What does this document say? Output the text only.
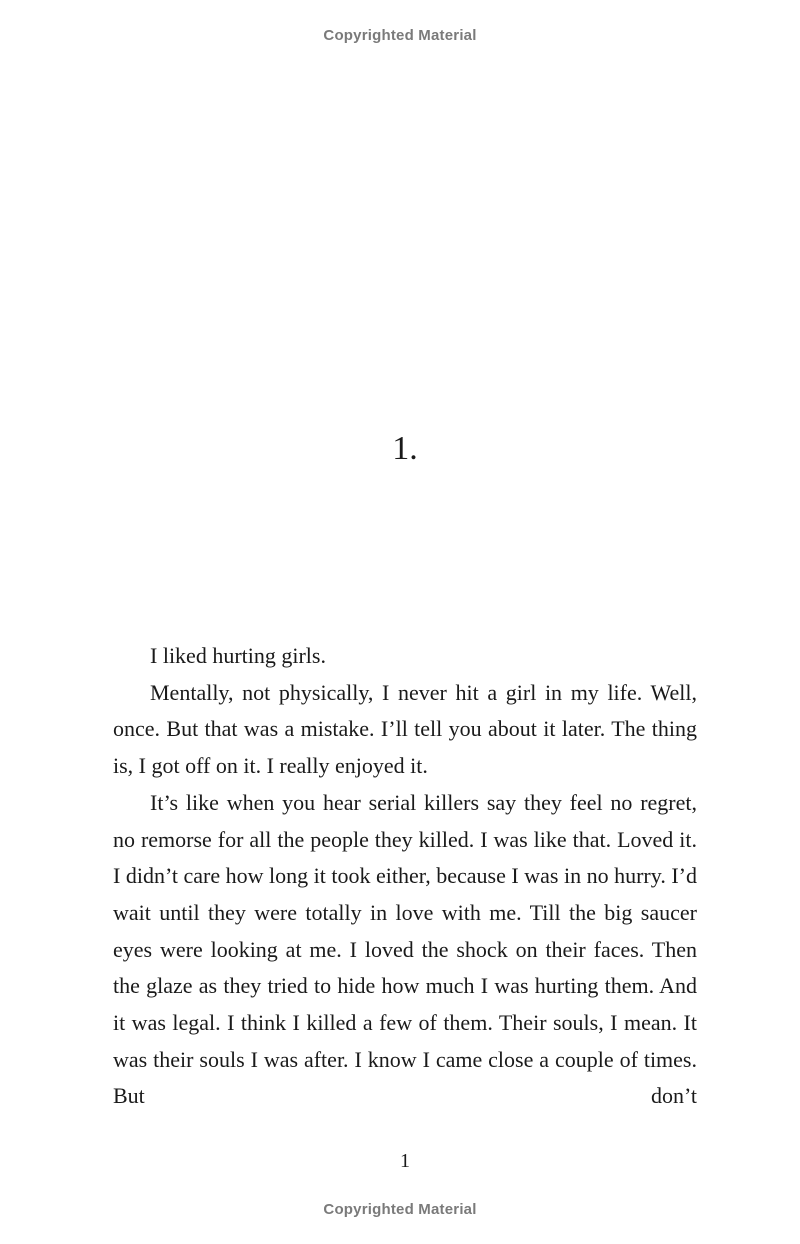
Copyrighted Material
1.

I liked hurting girls.

Mentally, not physically, I never hit a girl in my life. Well, once. But that was a mistake. I’ll tell you about it later. The thing is, I got off on it. I really enjoyed it.

It’s like when you hear serial killers say they feel no regret, no remorse for all the people they killed. I was like that. Loved it. I didn’t care how long it took either, because I was in no hurry. I’d wait until they were totally in love with me. Till the big saucer eyes were looking at me. I loved the shock on their faces. Then the glaze as they tried to hide how much I was hurting them. And it was legal. I think I killed a few of them. Their souls, I mean. It was their souls I was after. I know I came close a couple of times. But don’t

1
Copyrighted Material
